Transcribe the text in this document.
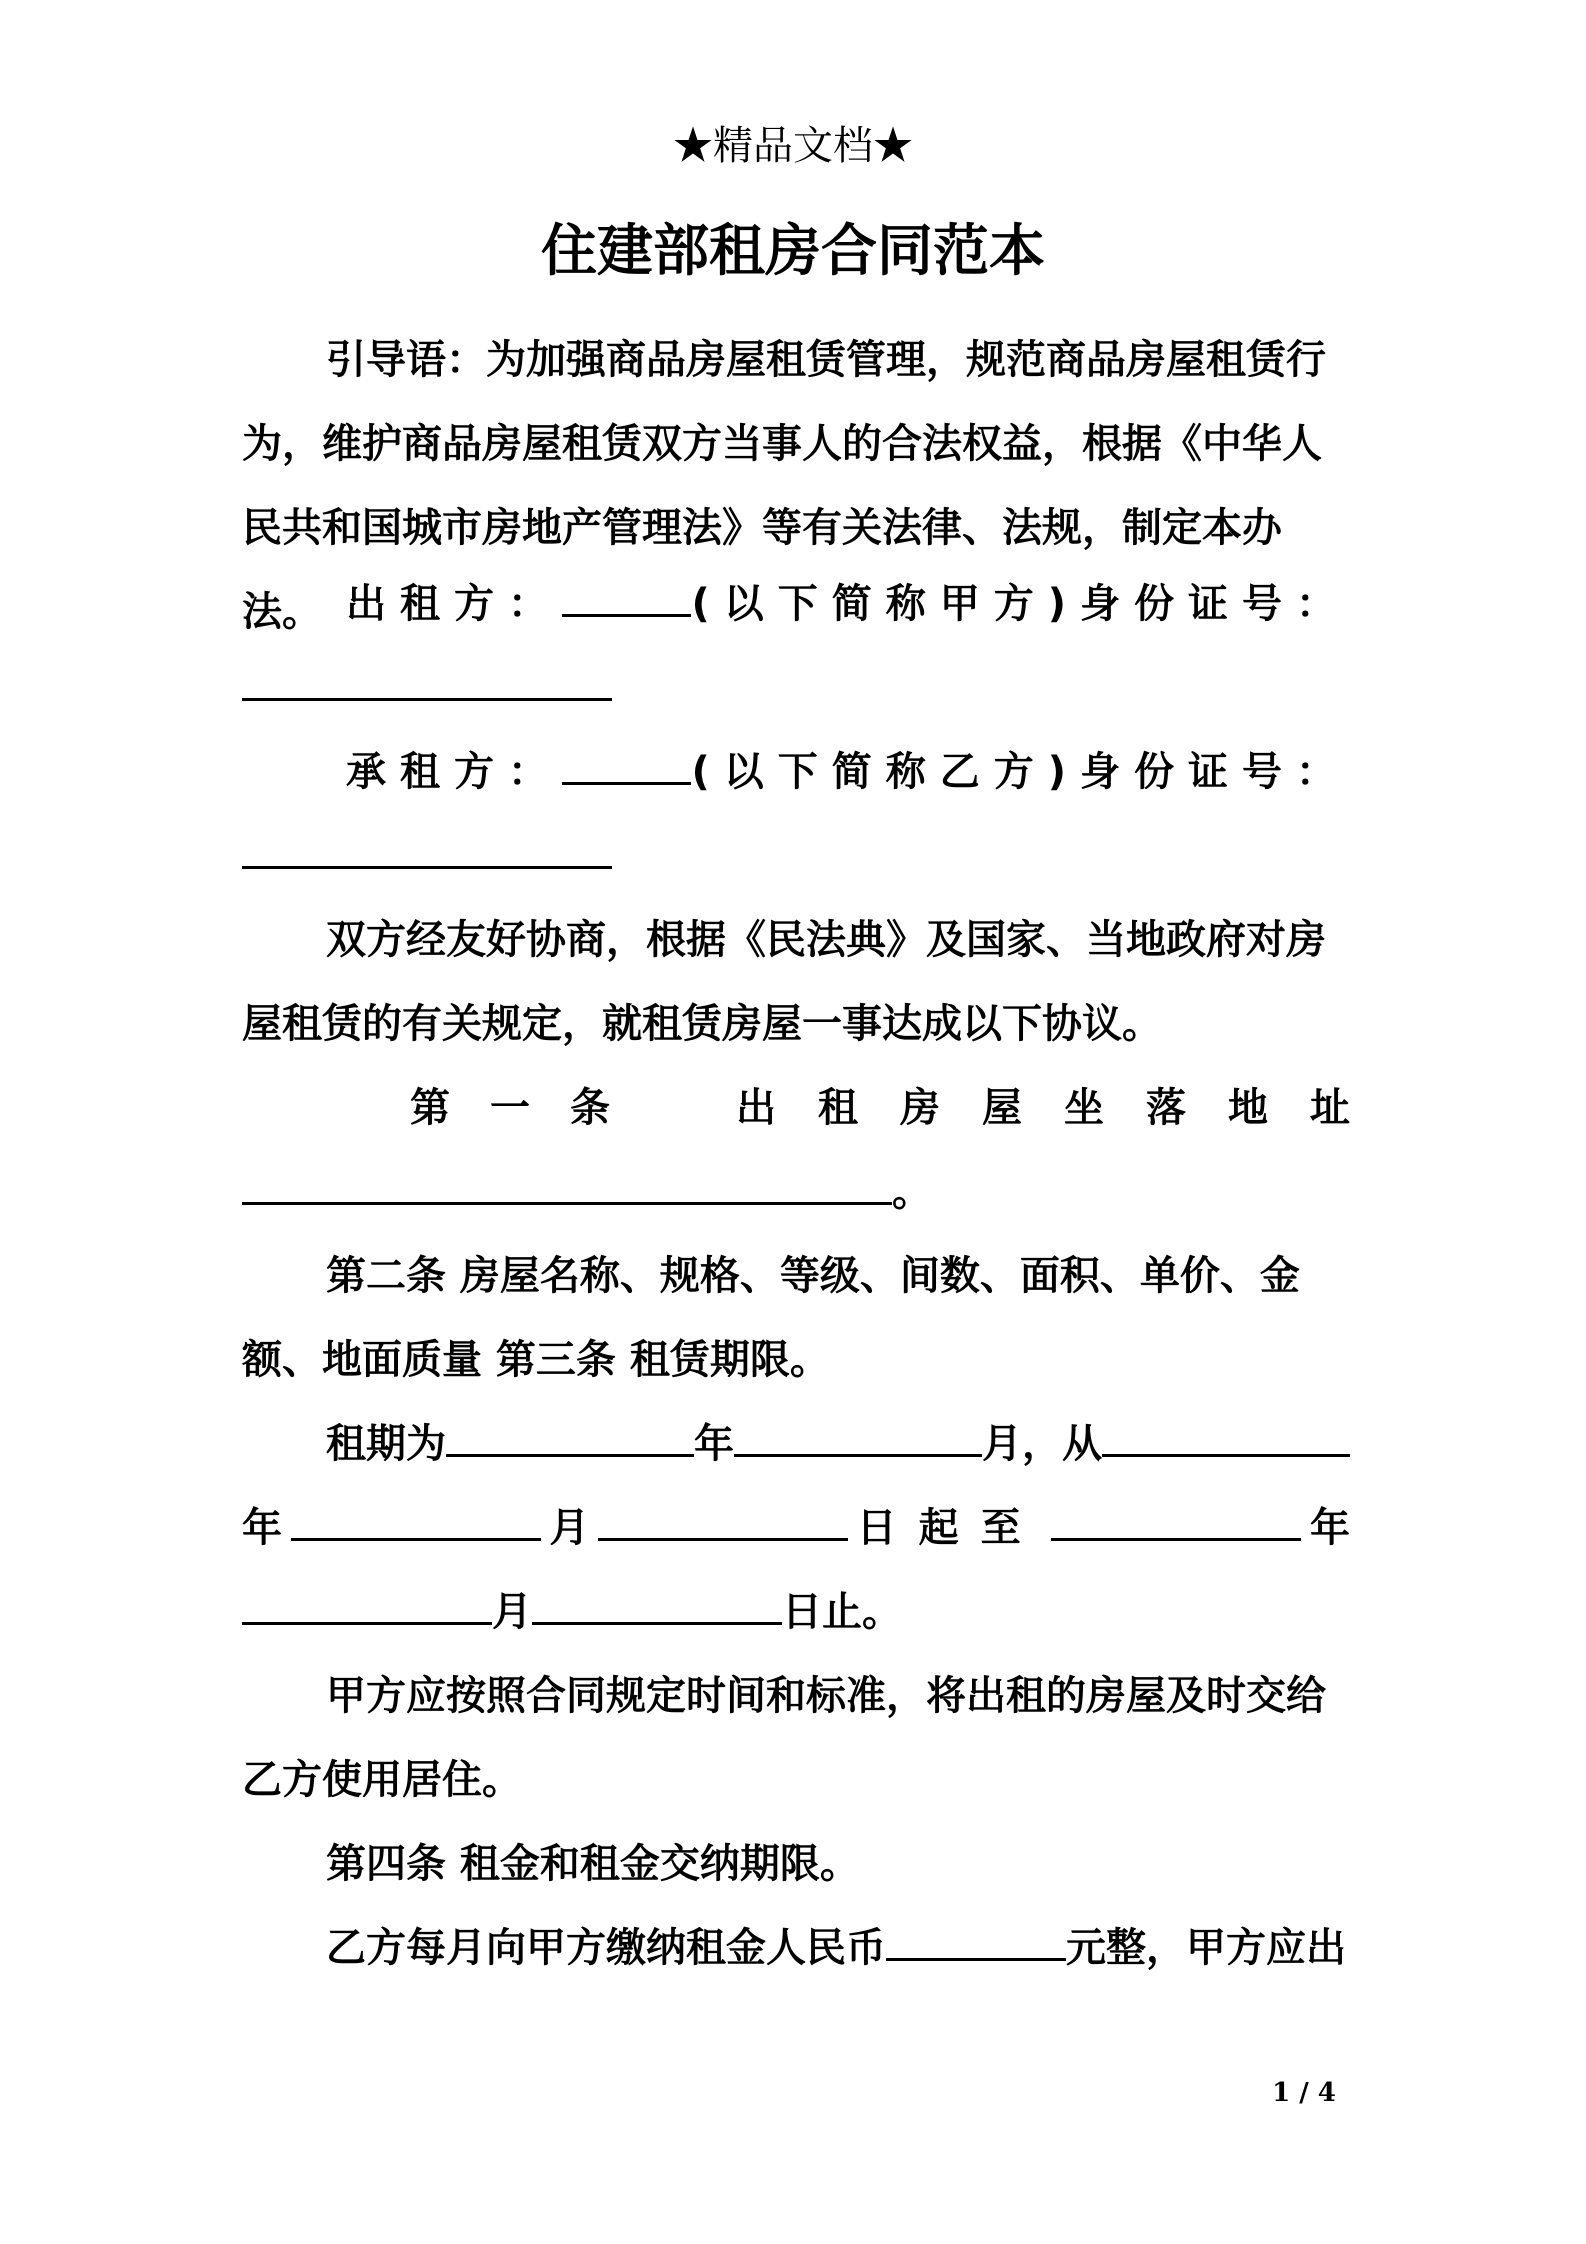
★精品文档★
住建部租房合同范本
引导语：为加强商品房屋租赁管理，规范商品房屋租赁行为，维护商品房屋租赁双方当事人的合法权益，根据《中华人民共和国城市房地产管理法》等有关法律、法规，制定本办法。 出租方：	(以下简称甲方) 身份证号：
承租方：	(以下简称乙方) 身份证号：
双方经友好协商，根据《民法典》及国家、当地政府对房屋租赁的有关规定，就租赁房屋一事达成以下协议。
第一条 出租房屋坐落地址
。
第二条 房屋名称、规格、等级、间数、面积、单价、金额、地面质量 第三条 租赁期限。
租期为	年	月，从
年	月	日起至	年
月	日止。
甲方应按照合同规定时间和标准，将出租的房屋及时交给乙方使用居住。
第四条 租金和租金交纳期限。
乙方每月向甲方缴纳租金人民币	元整，甲方应出
1 / 4
